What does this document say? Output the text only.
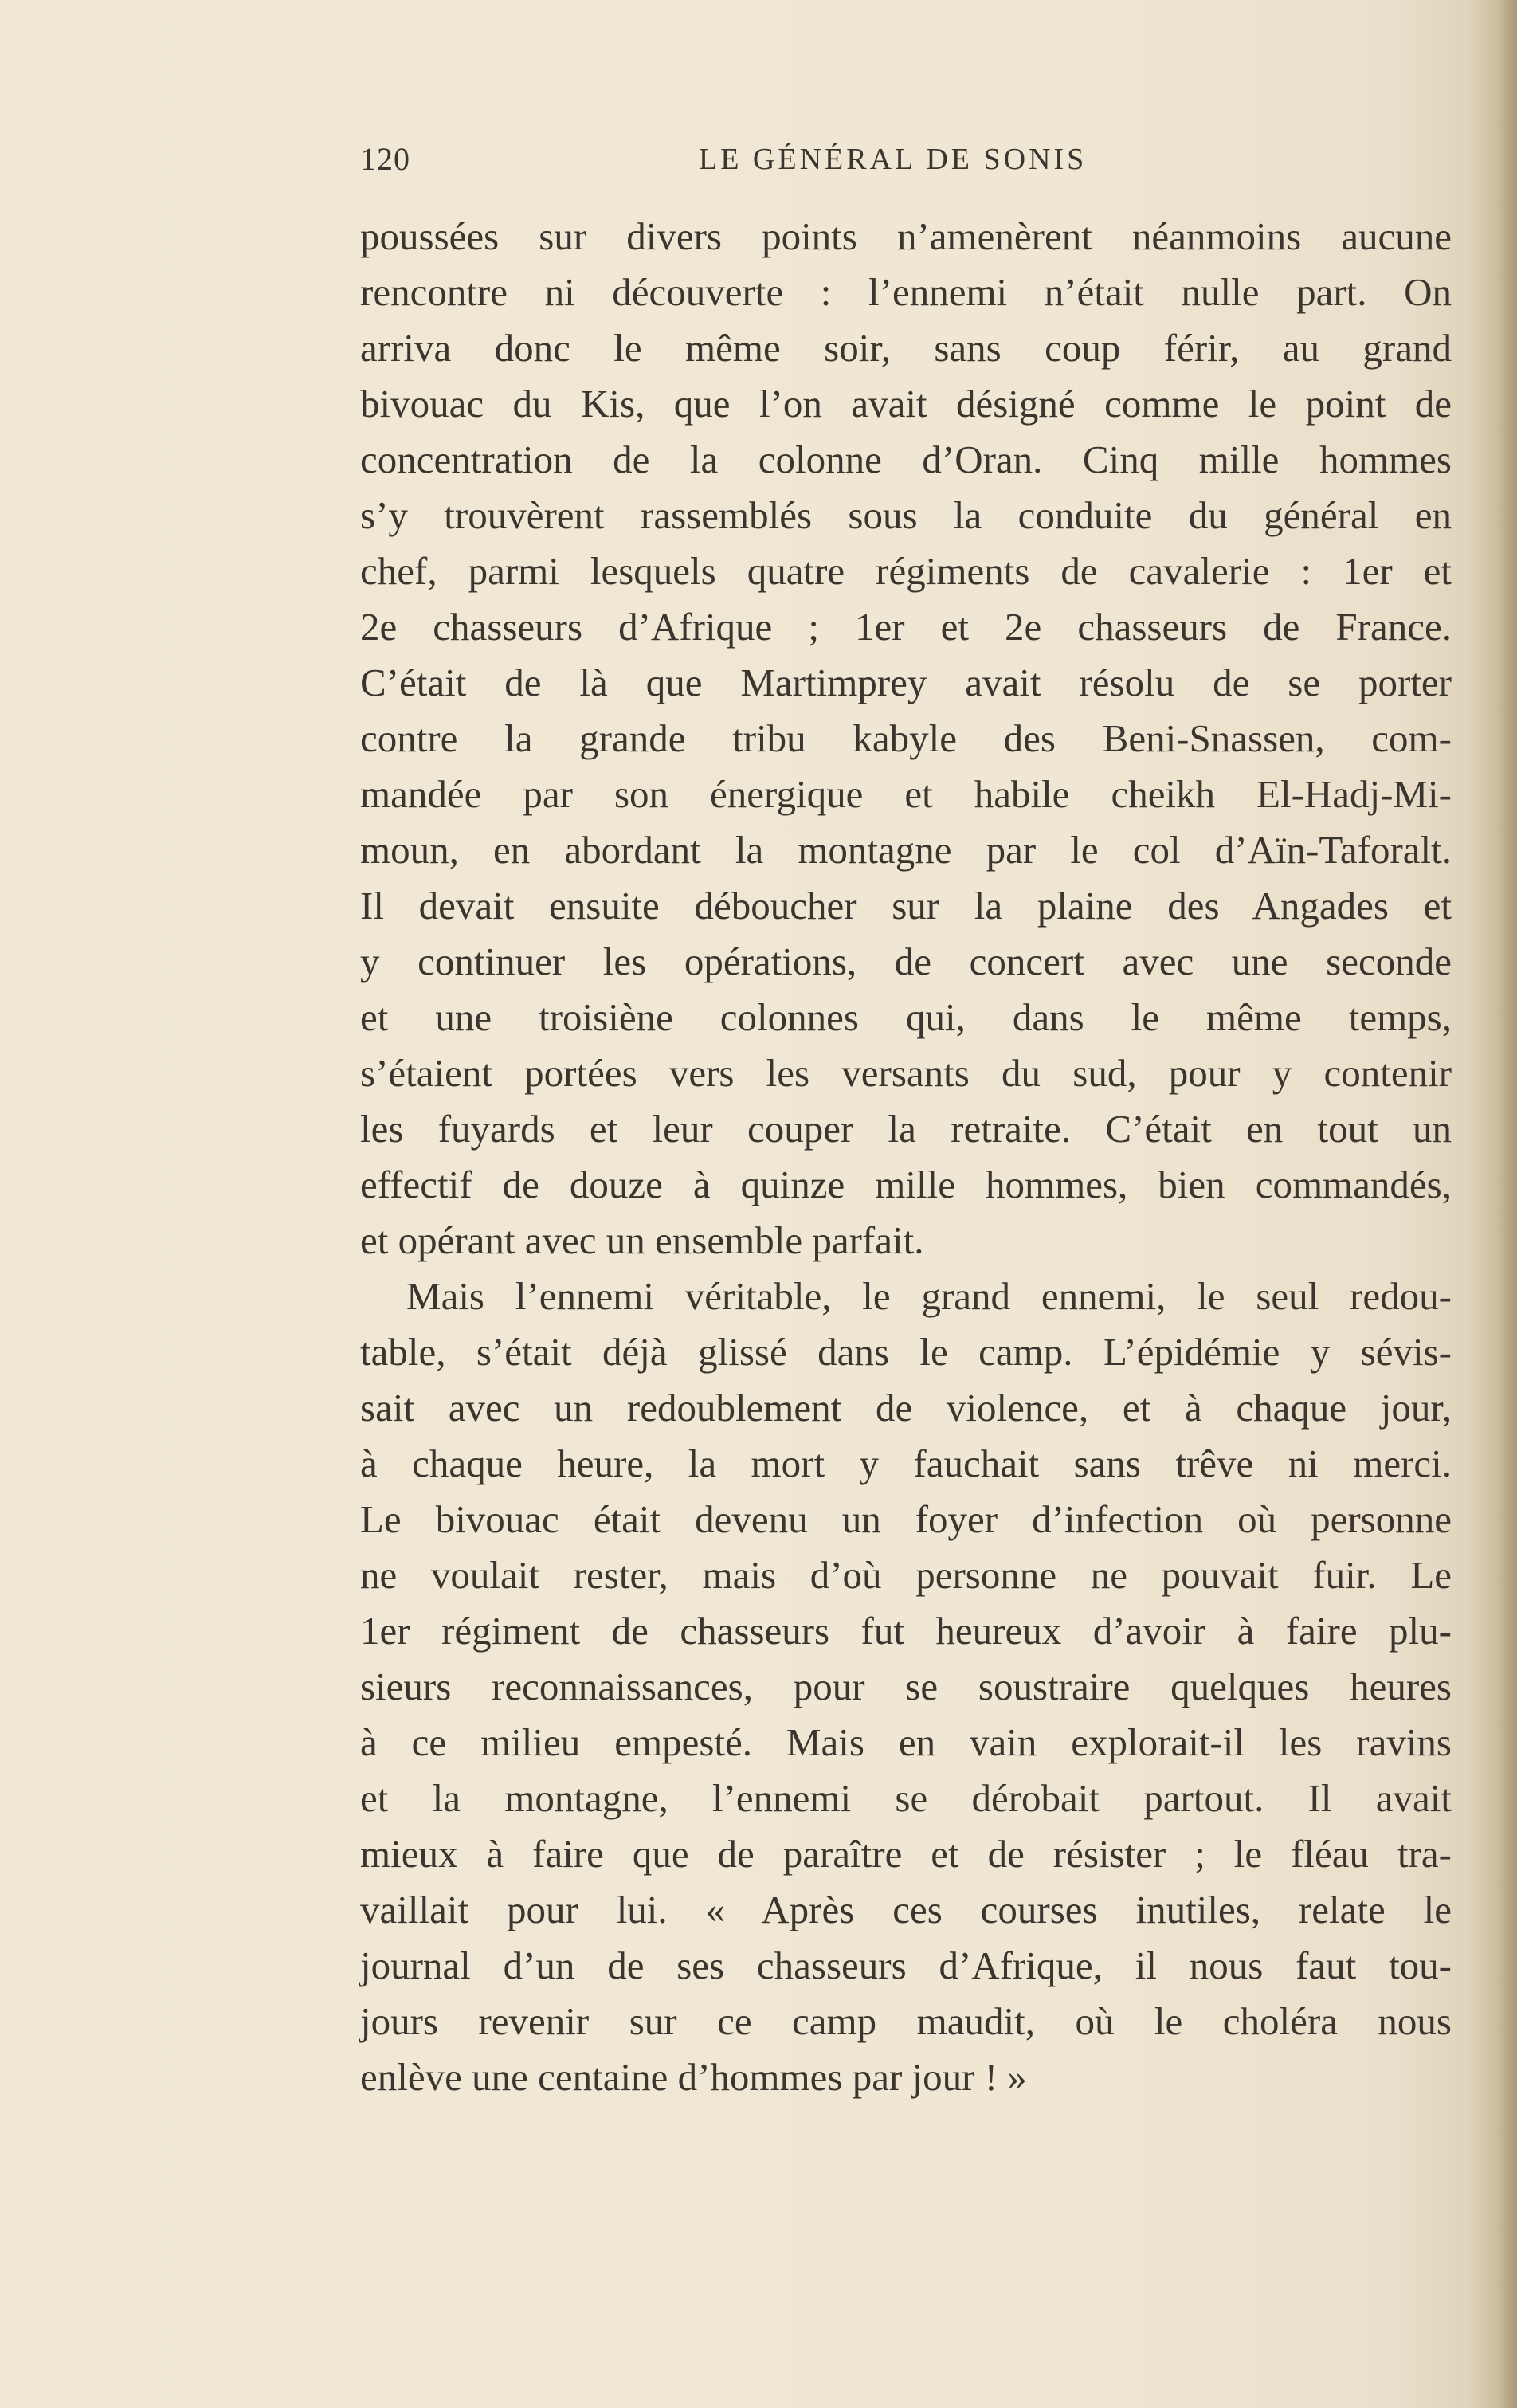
120	LE GÉNÉRAL DE SONIS
poussées sur divers points n’amenèrent néanmoins aucune
rencontre ni découverte : l’ennemi n’était nulle part. On
arriva donc le même soir, sans coup férir, au grand
bivouac du Kis, que l’on avait désigné comme le point de
concentration de la colonne d’Oran. Cinq mille hommes
s’y trouvèrent rassemblés sous la conduite du général en
chef, parmi lesquels quatre régiments de cavalerie : 1er et
2e chasseurs d’Afrique ; 1er et 2e chasseurs de France.
C’était de là que Martimprey avait résolu de se porter
contre la grande tribu kabyle des Beni-Snassen, com-
mandée par son énergique et habile cheikh El-Hadj-Mi-
moun, en abordant la montagne par le col d’Aïn-Taforalt.
Il devait ensuite déboucher sur la plaine des Angades et
y continuer les opérations, de concert avec une seconde
et une troisiène colonnes qui, dans le même temps,
s’étaient portées vers les versants du sud, pour y contenir
les fuyards et leur couper la retraite. C’était en tout un
effectif de douze à quinze mille hommes, bien commandés,
et opérant avec un ensemble parfait.
Mais l’ennemi véritable, le grand ennemi, le seul redou-
table, s’était déjà glissé dans le camp. L’épidémie y sévis-
sait avec un redoublement de violence, et à chaque jour,
à chaque heure, la mort y fauchait sans trêve ni merci.
Le bivouac était devenu un foyer d’infection où personne
ne voulait rester, mais d’où personne ne pouvait fuir. Le
1er régiment de chasseurs fut heureux d’avoir à faire plu-
sieurs reconnaissances, pour se soustraire quelques heures
à ce milieu empesté. Mais en vain explorait-il les ravins
et la montagne, l’ennemi se dérobait partout. Il avait
mieux à faire que de paraître et de résister ; le fléau tra-
vaillait pour lui. « Après ces courses inutiles, relate le
journal d’un de ses chasseurs d’Afrique, il nous faut tou-
jours revenir sur ce camp maudit, où le choléra nous
enlève une centaine d’hommes par jour ! »
